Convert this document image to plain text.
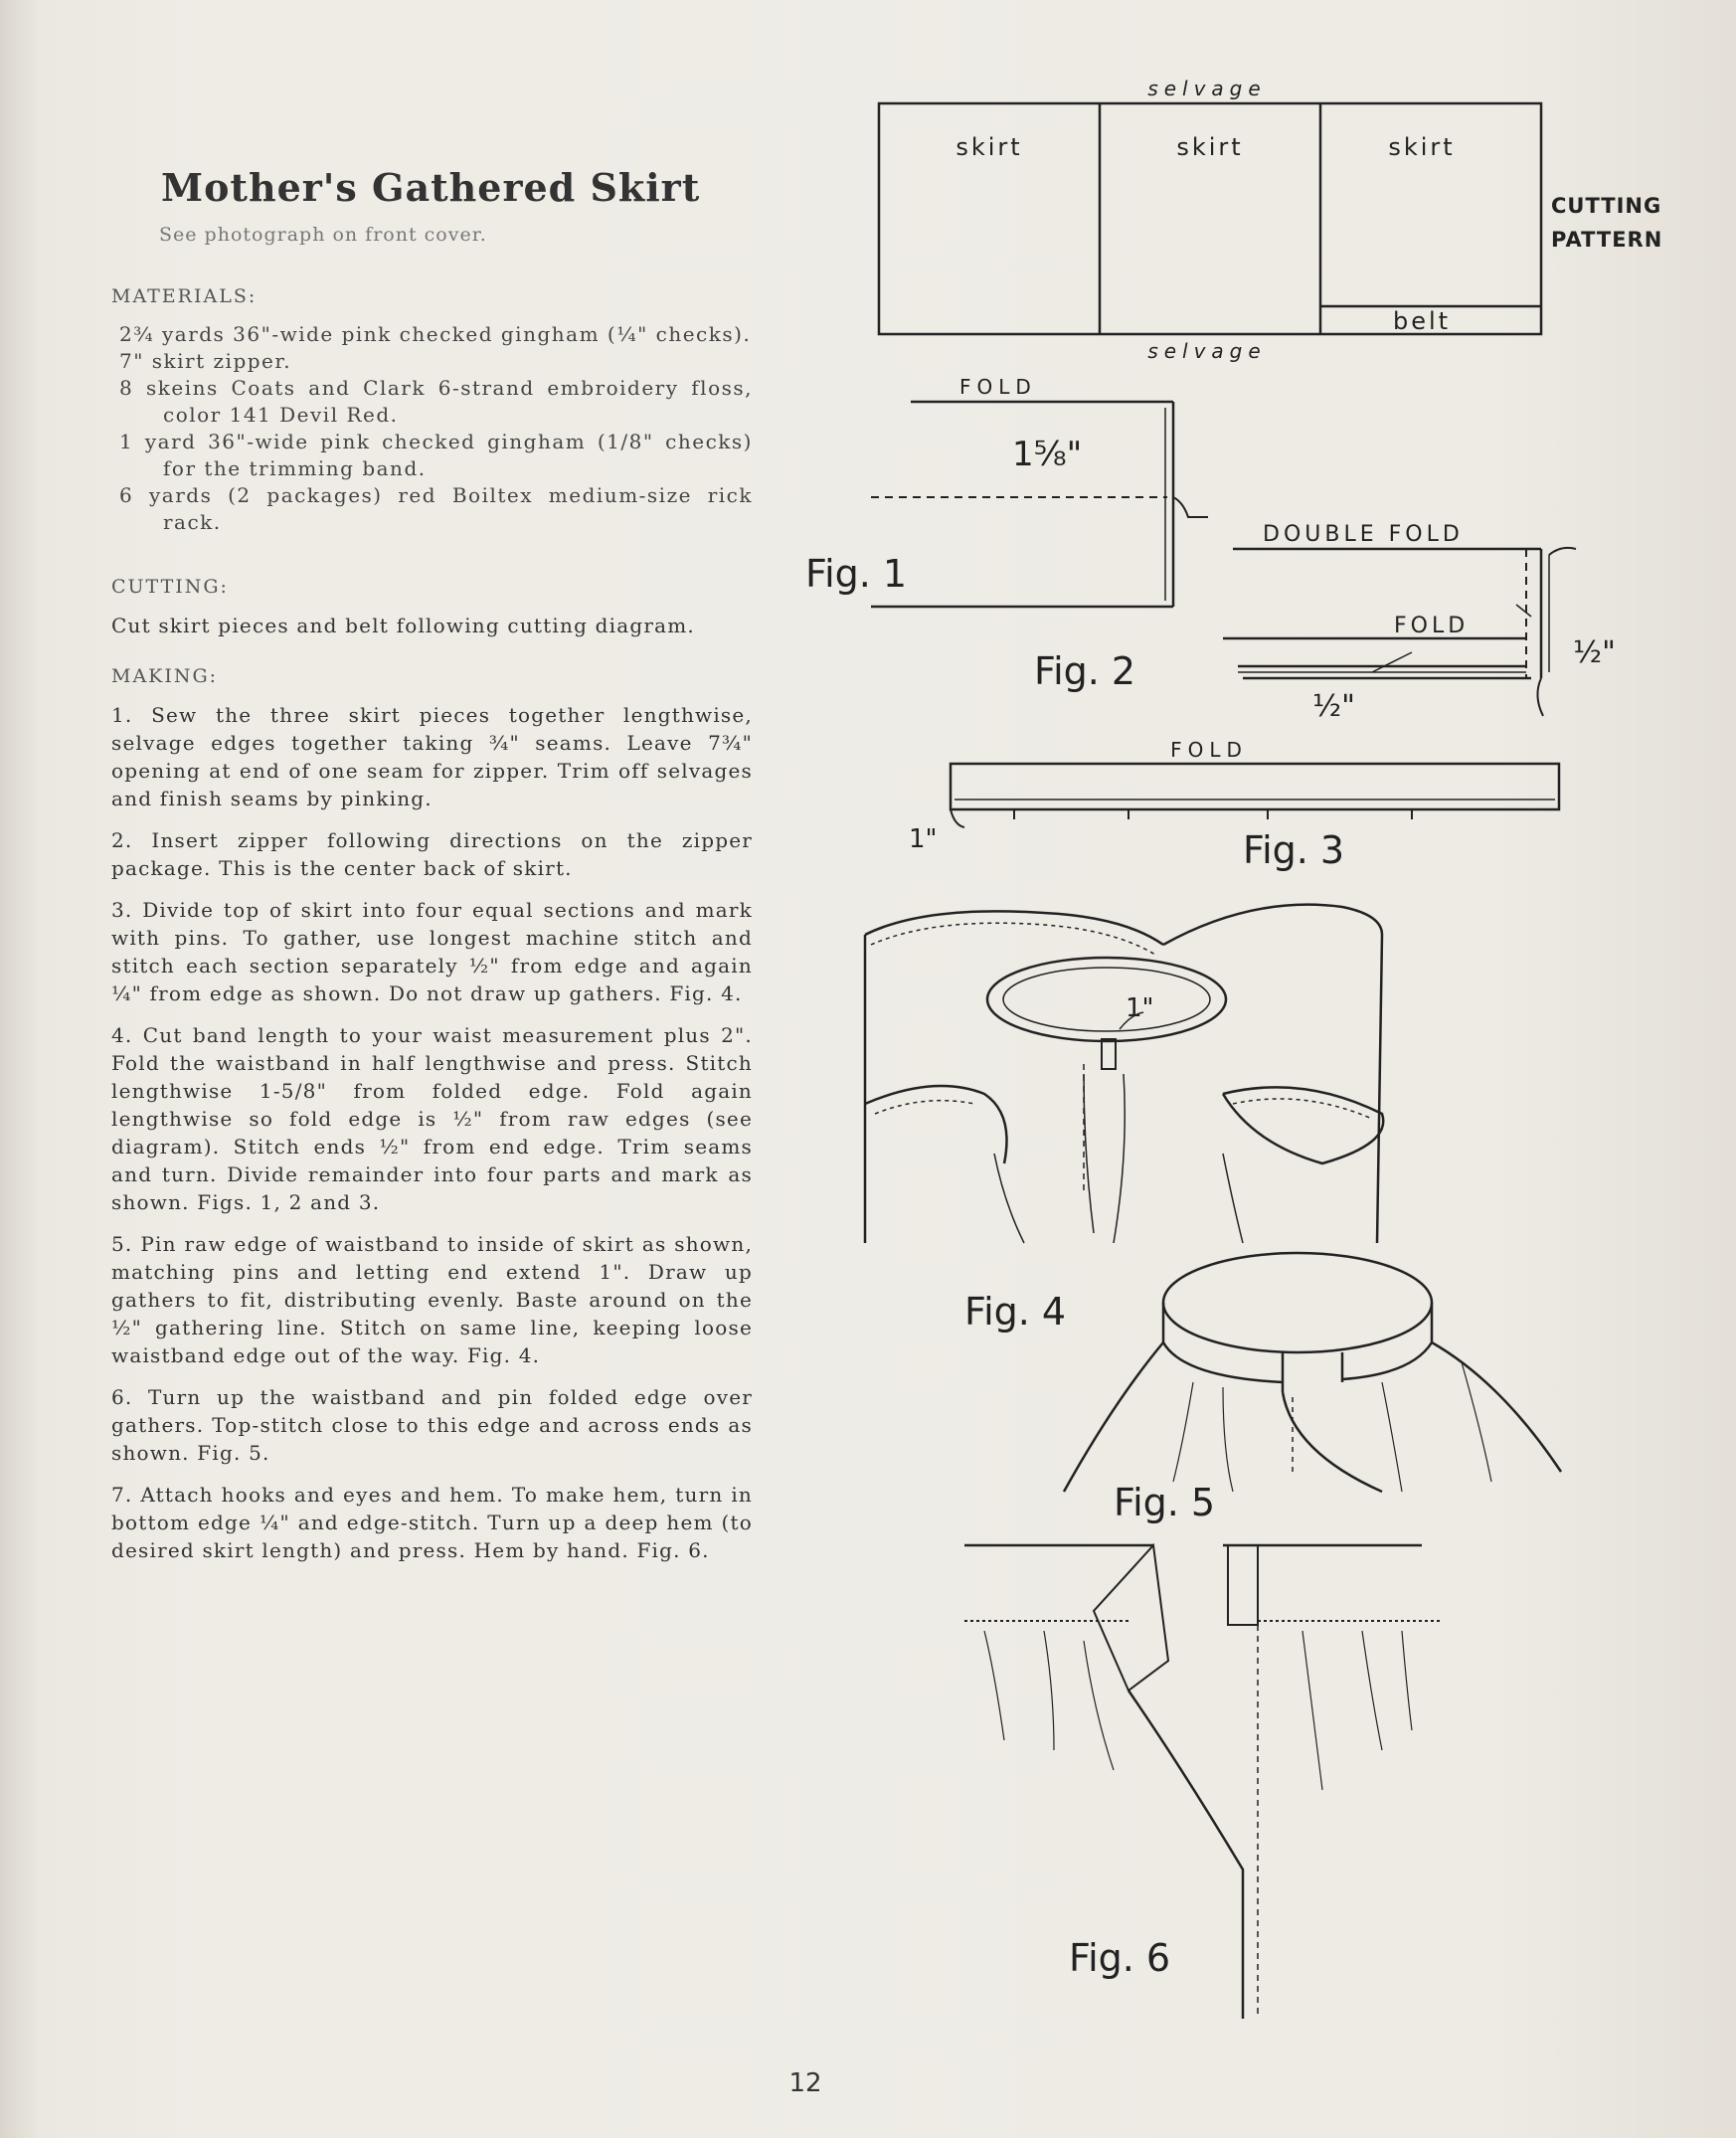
Mother's Gathered Skirt
See photograph on front cover.
MATERIALS:
2¾ yards 36"-wide pink checked gingham (¼" checks).
7" skirt zipper.
8 skeins Coats and Clark 6-strand embroidery floss, color 141 Devil Red.
1 yard 36"-wide pink checked gingham (1/8" checks) for the trimming band.
6 yards (2 packages) red Boiltex medium-size rick rack.
CUTTING:

Cut skirt pieces and belt following cutting diagram.

MAKING:

1. Sew the three skirt pieces together lengthwise, selvage edges together taking ¾" seams. Leave 7¾" opening at end of one seam for zipper. Trim off selvages and finish seams by pinking.

2. Insert zipper following directions on the zipper package. This is the center back of skirt.

3. Divide top of skirt into four equal sections and mark with pins. To gather, use longest machine stitch and stitch each section separately ½" from edge and again ¼" from edge as shown. Do not draw up gathers. Fig. 4.

4. Cut band length to your waist measurement plus 2". Fold the waistband in half lengthwise and press. Stitch lengthwise 1-5/8" from folded edge. Fold again lengthwise so fold edge is ½" from raw edges (see diagram). Stitch ends ½" from end edge. Trim seams and turn. Divide remainder into four parts and mark as shown. Figs. 1, 2 and 3.

5. Pin raw edge of waistband to inside of skirt as shown, matching pins and letting end extend 1". Draw up gathers to fit, distributing evenly. Baste around on the ½" gathering line. Stitch on same line, keeping loose waistband edge out of the way. Fig. 4.

6. Turn up the waistband and pin folded edge over gathers. Top-stitch close to this edge and across ends as shown. Fig. 5.

7. Attach hooks and eyes and hem. To make hem, turn in bottom edge ¼" and edge-stitch. Turn up a deep hem (to desired skirt length) and press. Hem by hand. Fig. 6.

selvage
selvage
skirt	skirt	skirt
belt
CUTTING
PATTERN
FOLD
1⅝"
Fig. 1
DOUBLE FOLD
FOLD
½"
½"
Fig. 2
FOLD
1"	Fig. 3
1"
Fig. 4
Fig. 5
Fig. 6
12
